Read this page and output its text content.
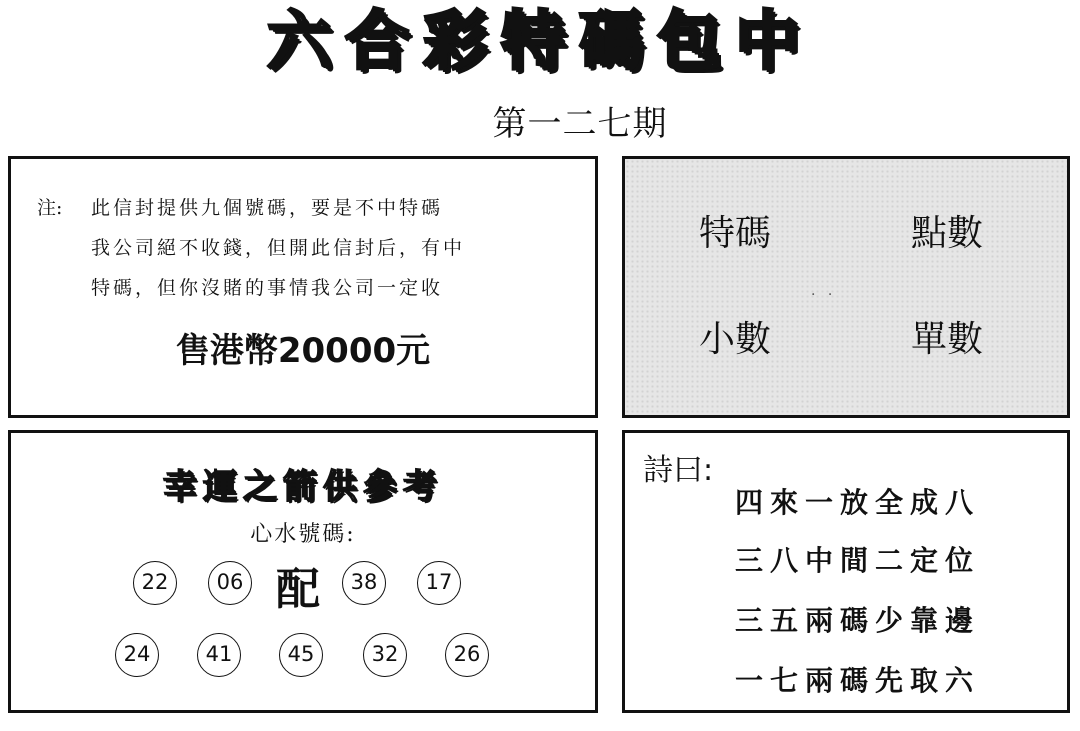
六合彩特碼包中
第一二七期
注: 此信封提供九個號碼，要是不中特碼
我公司絕不收錢，但開此信封后，有中
特碼，但你沒賭的事情我公司一定收
售港幣20000元
特碼	點數
· ·
小數	單數
幸運之箭供參考
心水號碼:
22	06 配	38	17
24	41	45	32	26
詩曰:
四來一放全成八
三八中間二定位
三五兩碼少靠邊
一七兩碼先取六
